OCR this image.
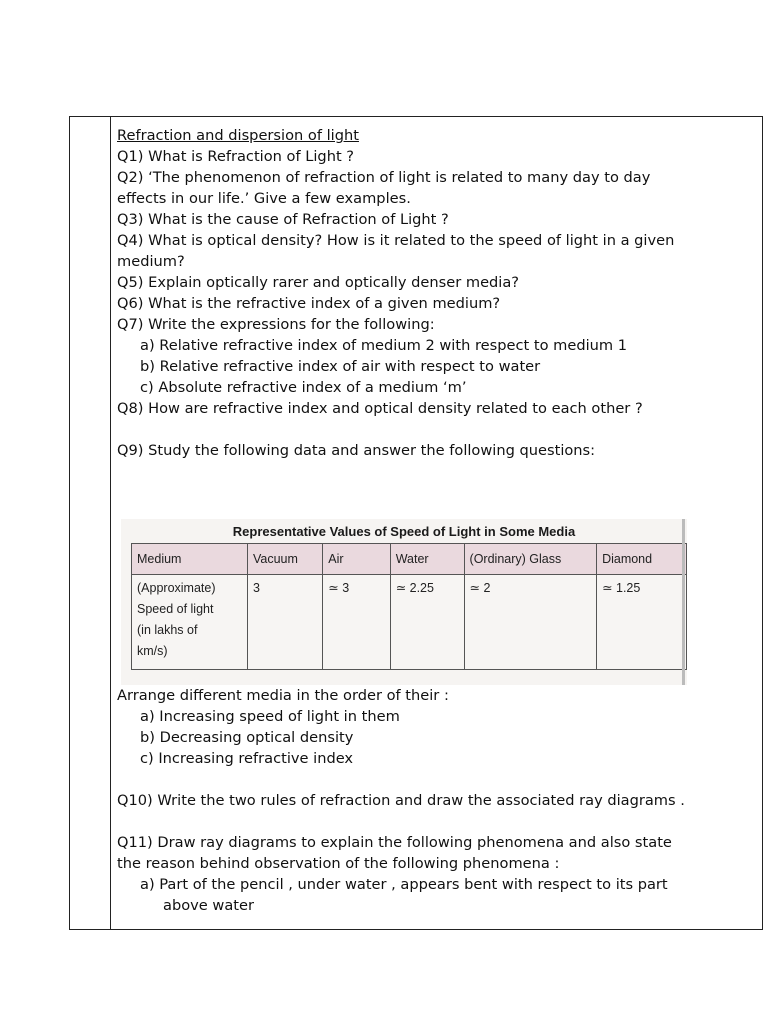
Refraction and dispersion of light
Q1) What is Refraction of Light ?
Q2) ‘The phenomenon of refraction of light is related to many day to day
effects in our life.’ Give a few examples.
Q3) What is the cause of Refraction of Light ?
Q4) What is optical density? How is it related to the speed of light in a given
medium?
Q5) Explain optically rarer and optically denser media?
Q6) What is the refractive index of a given medium?
Q7) Write the expressions for the following:
a) Relative refractive index of medium 2 with respect to medium 1
b) Relative refractive index of air with respect to water
c) Absolute refractive index of a medium ‘m’
Q8) How are refractive index and optical density related to each other ?
Q9) Study the following data and answer the following questions:
Representative Values of Speed of Light in Some Media
Medium	Vacuum	Air	Water	(Ordinary) Glass	Diamond

(Approximate)
Speed of light
(in lakhs of
km/s)	3	≃ 3	≃ 2.25	≃ 2	≃ 1.25
Arrange different media in the order of their :
a) Increasing speed of light in them
b) Decreasing optical density
c) Increasing refractive index
Q10) Write the two rules of refraction and draw the associated ray diagrams .
Q11) Draw ray diagrams to explain the following phenomena and also state
the reason behind observation of the following phenomena :
a) Part of the pencil , under water , appears bent with respect to its part
above water
